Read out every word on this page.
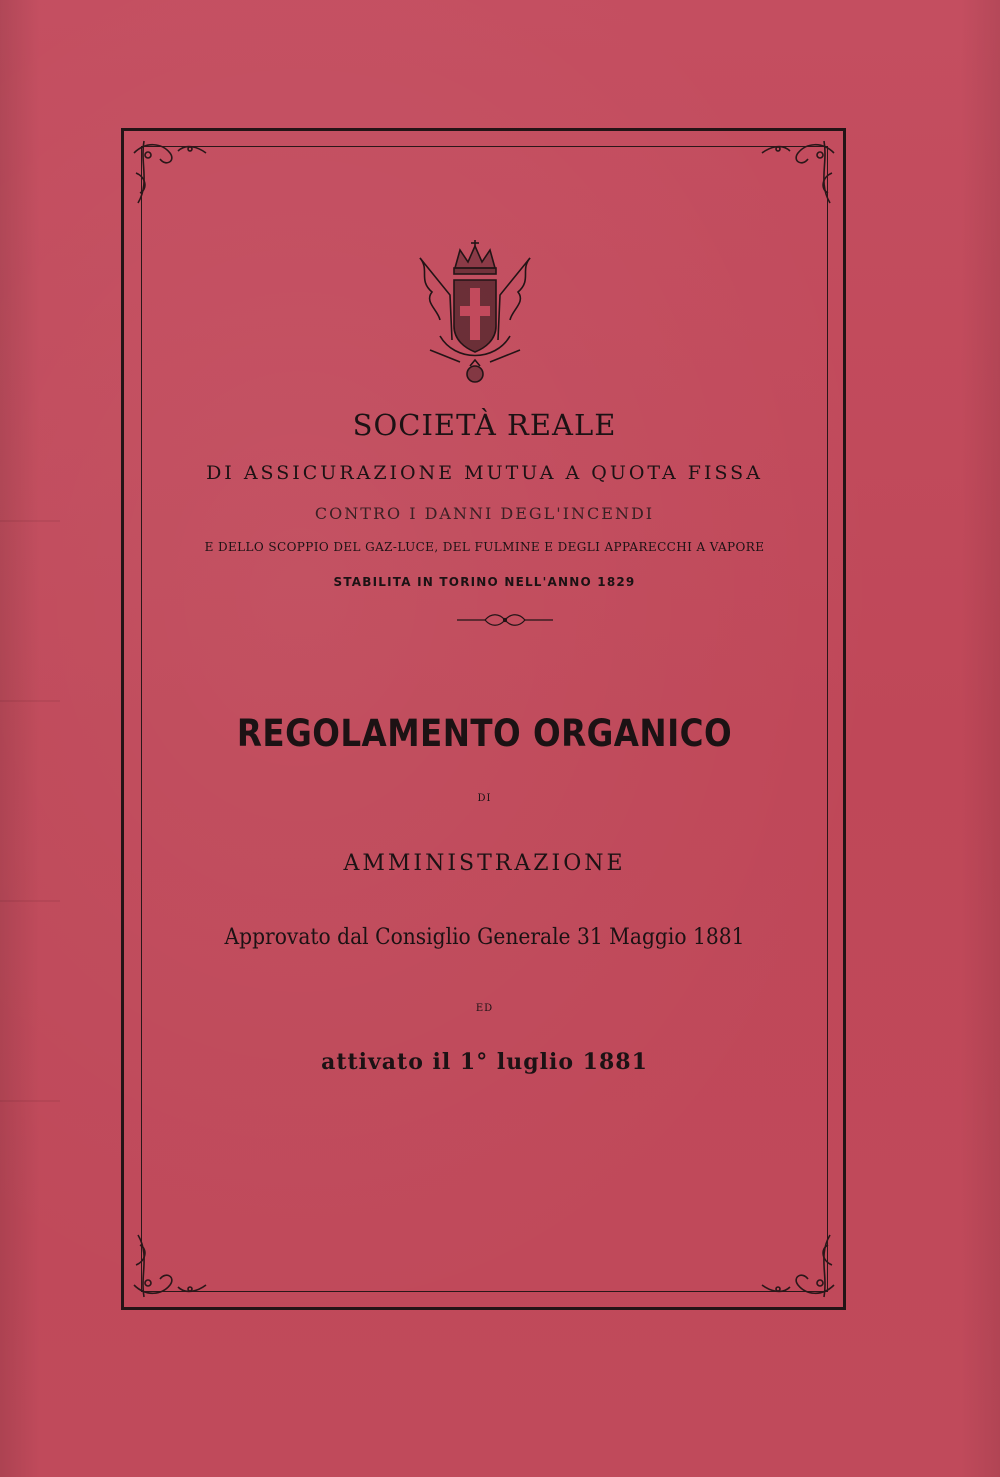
SOCIETÀ REALE
DI ASSICURAZIONE MUTUA A QUOTA FISSA
CONTRO I DANNI DEGL'INCENDI
E DELLO SCOPPIO DEL GAZ-LUCE, DEL FULMINE E DEGLI APPARECCHI A VAPORE
STABILITA IN TORINO NELL'ANNO 1829
REGOLAMENTO ORGANICO
DI
AMMINISTRAZIONE
Approvato dal Consiglio Generale 31 Maggio 1881
ED
attivato il 1° luglio 1881
